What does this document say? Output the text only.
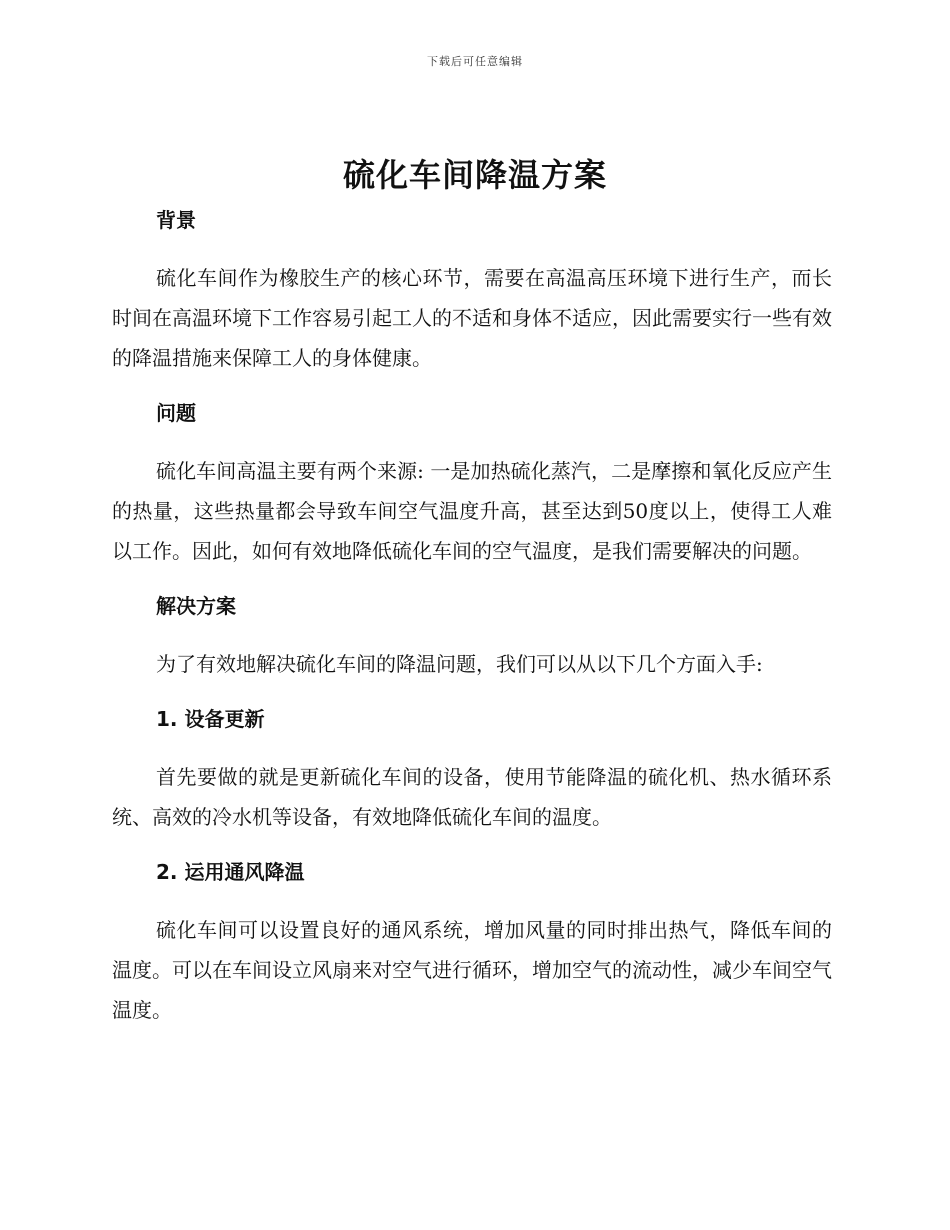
下载后可任意编辑
硫化车间降温方案
背景

硫化车间作为橡胶生产的核心环节，需要在高温高压环境下进行生产，而长时间在高温环境下工作容易引起工人的不适和身体不适应，因此需要实行一些有效的降温措施来保障工人的身体健康。

问题

硫化车间高温主要有两个来源: 一是加热硫化蒸汽，二是摩擦和氧化反应产生的热量，这些热量都会导致车间空气温度升高，甚至达到50度以上，使得工人难以工作。因此，如何有效地降低硫化车间的空气温度，是我们需要解决的问题。

解决方案

为了有效地解决硫化车间的降温问题，我们可以从以下几个方面入手:

1. 设备更新

首先要做的就是更新硫化车间的设备，使用节能降温的硫化机、热水循环系统、高效的冷水机等设备，有效地降低硫化车间的温度。

2. 运用通风降温

硫化车间可以设置良好的通风系统，增加风量的同时排出热气，降低车间的温度。可以在车间设立风扇来对空气进行循环，增加空气的流动性，减少车间空气温度。
